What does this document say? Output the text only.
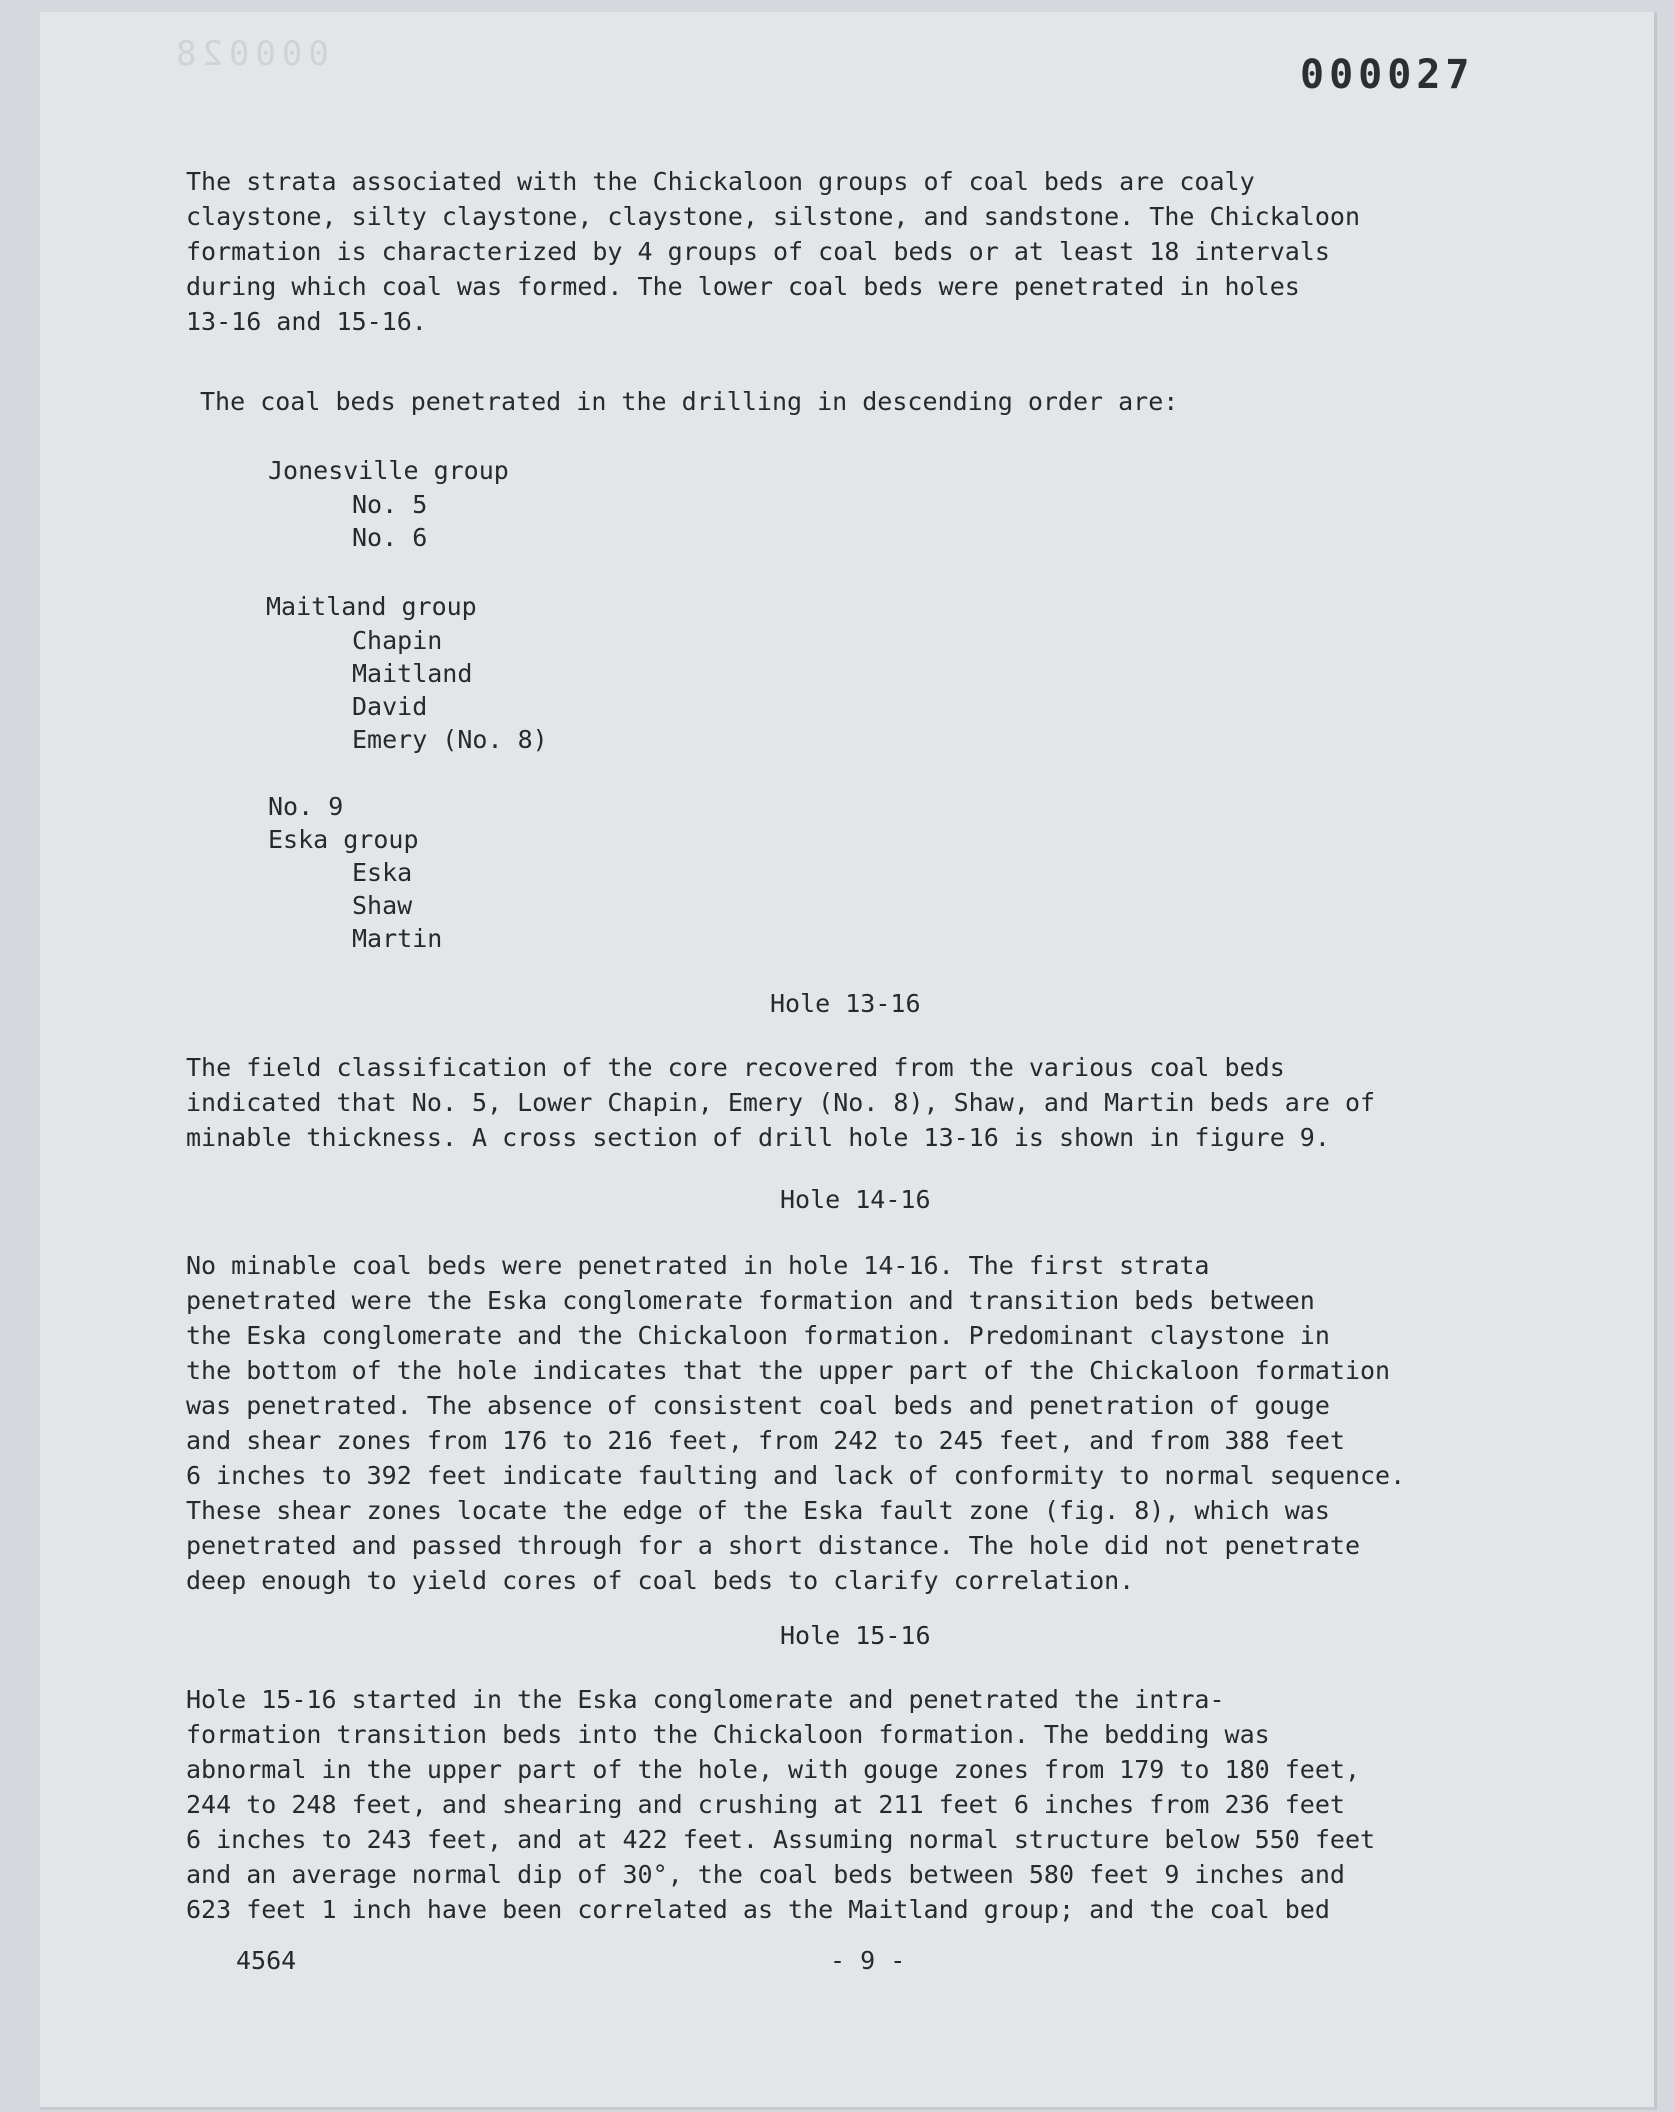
000028	000027
The strata associated with the Chickaloon groups of coal beds are coaly
claystone, silty claystone, claystone, silstone, and sandstone. The Chickaloon
formation is characterized by 4 groups of coal beds or at least 18 intervals
during which coal was formed. The lower coal beds were penetrated in holes
13-16 and 15-16.
The coal beds penetrated in the drilling in descending order are:
Jonesville group
No. 5
No. 6
Maitland group
Chapin
Maitland
David
Emery (No. 8)
No. 9
Eska group
Eska
Shaw
Martin
Hole 13-16
The field classification of the core recovered from the various coal beds
indicated that No. 5, Lower Chapin, Emery (No. 8), Shaw, and Martin beds are of
minable thickness. A cross section of drill hole 13-16 is shown in figure 9.
Hole 14-16
No minable coal beds were penetrated in hole 14-16. The first strata
penetrated were the Eska conglomerate formation and transition beds between
the Eska conglomerate and the Chickaloon formation. Predominant claystone in
the bottom of the hole indicates that the upper part of the Chickaloon formation
was penetrated. The absence of consistent coal beds and penetration of gouge
and shear zones from 176 to 216 feet, from 242 to 245 feet, and from 388 feet
6 inches to 392 feet indicate faulting and lack of conformity to normal sequence.
These shear zones locate the edge of the Eska fault zone (fig. 8), which was
penetrated and passed through for a short distance. The hole did not penetrate
deep enough to yield cores of coal beds to clarify correlation.
Hole 15-16
Hole 15-16 started in the Eska conglomerate and penetrated the intra-
formation transition beds into the Chickaloon formation. The bedding was
abnormal in the upper part of the hole, with gouge zones from 179 to 180 feet,
244 to 248 feet, and shearing and crushing at 211 feet 6 inches from 236 feet
6 inches to 243 feet, and at 422 feet. Assuming normal structure below 550 feet
and an average normal dip of 30°, the coal beds between 580 feet 9 inches and
623 feet 1 inch have been correlated as the Maitland group; and the coal bed
4564	- 9 -
